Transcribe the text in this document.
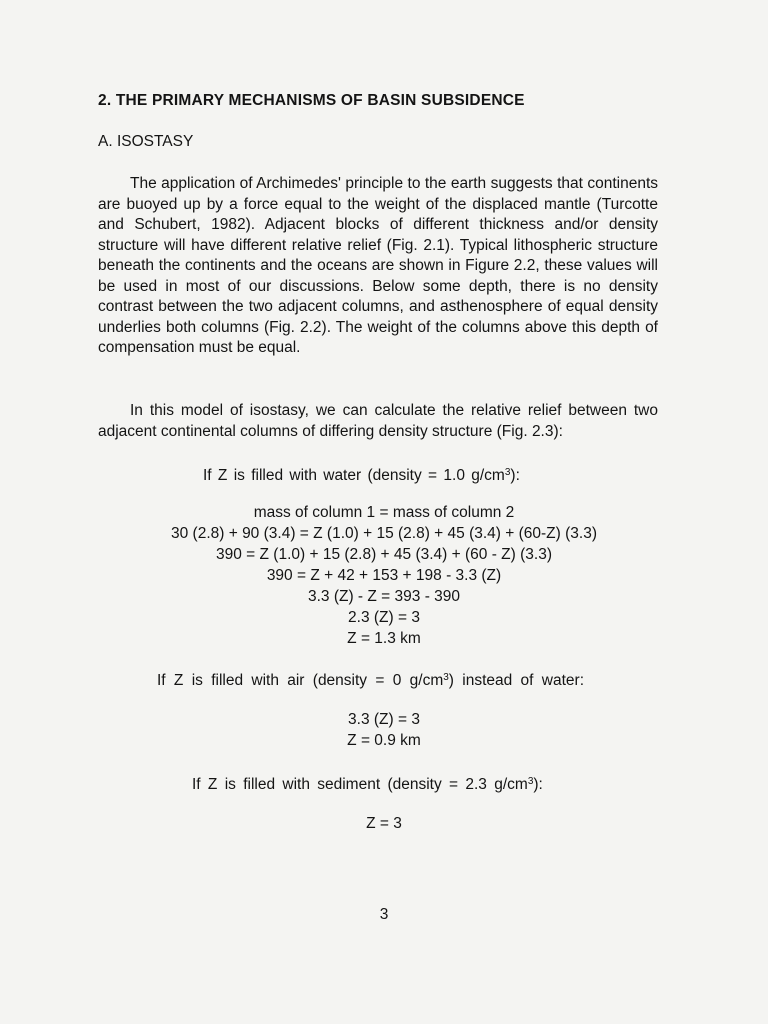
2. THE PRIMARY MECHANISMS OF BASIN SUBSIDENCE
A. ISOSTASY

The application of Archimedes' principle to the earth suggests that continents are buoyed up by a force equal to the weight of the displaced mantle (Turcotte and Schubert, 1982). Adjacent blocks of different thickness and/or density structure will have different relative relief (Fig. 2.1). Typical lithospheric structure beneath the continents and the oceans are shown in Figure 2.2, these values will be used in most of our discussions. Below some depth, there is no density contrast between the two adjacent columns, and asthenosphere of equal density underlies both columns (Fig. 2.2). The weight of the columns above this depth of compensation must be equal.

In this model of isostasy, we can calculate the relative relief between two adjacent continental columns of differing density structure (Fig. 2.3):

If Z is filled with water (density = 1.0 $g/cm^3$):

mass of column 1 = mass of column 2

30 (2.8) + 90 (3.4) = Z (1.0) + 15 (2.8) + 45 (3.4) + (60-Z) (3.3)

390 = Z (1.0) + 15 (2.8) + 45 (3.4) + (60 - Z) (3.3)

390 = Z + 42 + 153 + 198 - 3.3 (Z)

3.3 (Z) - Z = 393 - 390

2.3 (Z) = 3

Z = 1.3 km

If Z is filled with air (density = 0 $g/cm^3$) instead of water:

3.3 (Z) = 3

Z = 0.9 km

If Z is filled with sediment (density = 2.3 $g/cm^3$):

Z = 3

3
